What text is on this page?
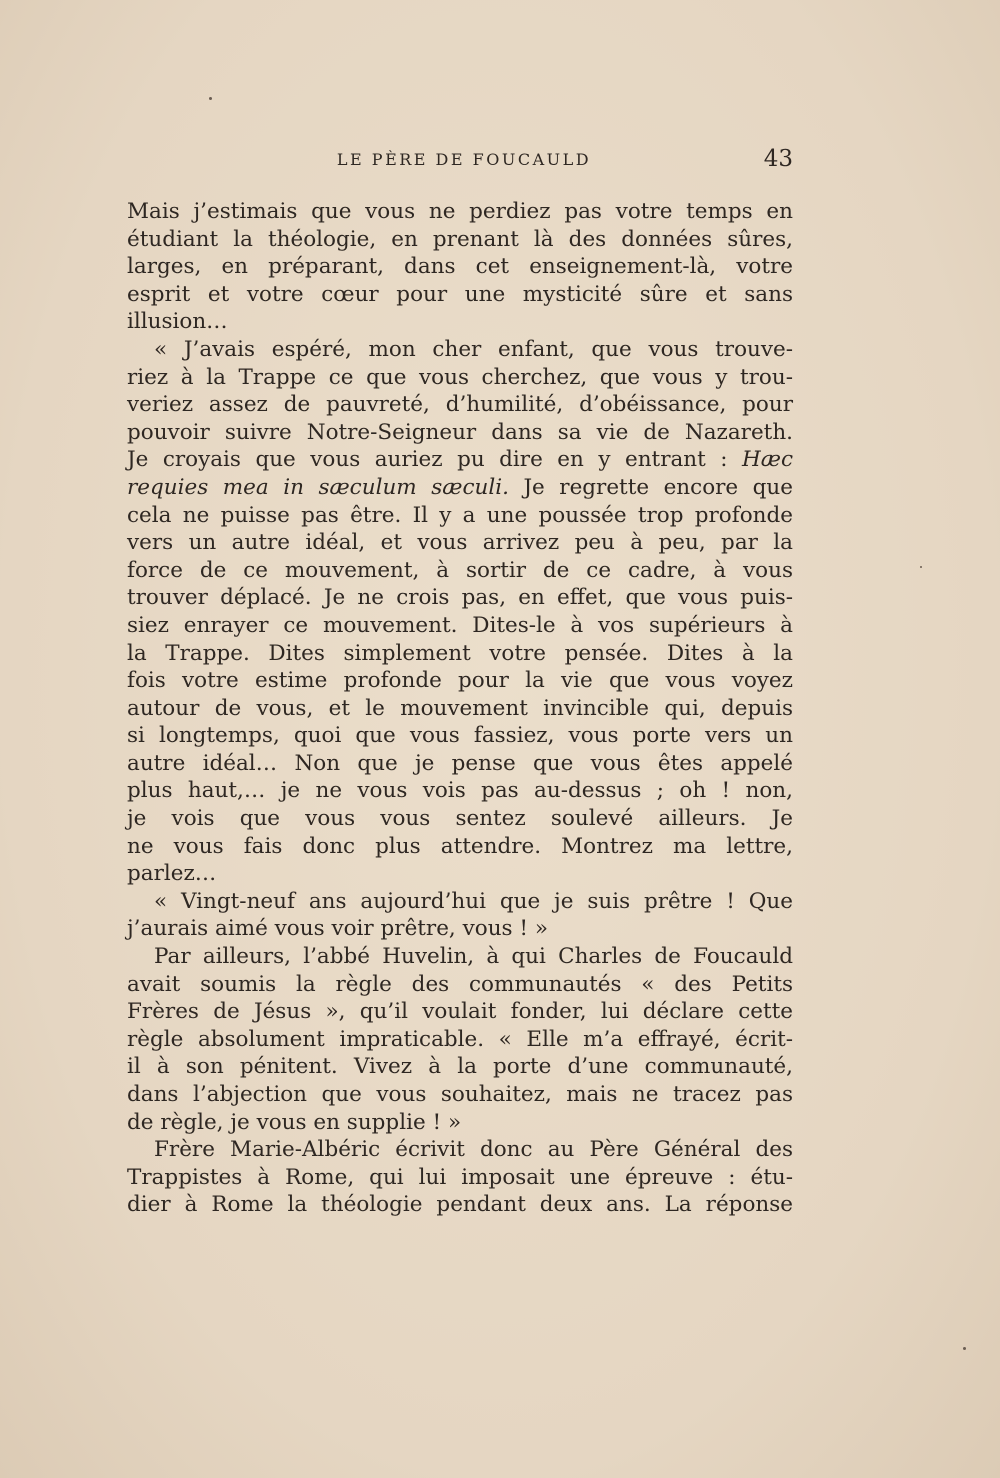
LE PÈRE DE FOUCAULD	43
Mais j’estimais que vous ne perdiez pas votre temps en
étudiant la théologie, en prenant là des données sûres,
larges, en préparant, dans cet enseignement-là, votre
esprit et votre cœur pour une mysticité sûre et sans
illusion…
« J’avais espéré, mon cher enfant, que vous trouve-
riez à la Trappe ce que vous cherchez, que vous y trou-
veriez assez de pauvreté, d’humilité, d’obéissance, pour
pouvoir suivre Notre-Seigneur dans sa vie de Nazareth.
Je croyais que vous auriez pu dire en y entrant : Hæc
requies mea in sæculum sæculi. Je regrette encore que
cela ne puisse pas être. Il y a une poussée trop profonde
vers un autre idéal, et vous arrivez peu à peu, par la
force de ce mouvement, à sortir de ce cadre, à vous
trouver déplacé. Je ne crois pas, en effet, que vous puis-
siez enrayer ce mouvement. Dites-le à vos supérieurs à
la Trappe. Dites simplement votre pensée. Dites à la
fois votre estime profonde pour la vie que vous voyez
autour de vous, et le mouvement invincible qui, depuis
si longtemps, quoi que vous fassiez, vous porte vers un
autre idéal… Non que je pense que vous êtes appelé
plus haut,… je ne vous vois pas au-dessus ; oh ! non,
je vois que vous vous sentez soulevé ailleurs. Je
ne vous fais donc plus attendre. Montrez ma lettre,
parlez…
« Vingt-neuf ans aujourd’hui que je suis prêtre ! Que
j’aurais aimé vous voir prêtre, vous ! »
Par ailleurs, l’abbé Huvelin, à qui Charles de Foucauld
avait soumis la règle des communautés « des Petits
Frères de Jésus », qu’il voulait fonder, lui déclare cette
règle absolument impraticable. « Elle m’a effrayé, écrit-
il à son pénitent. Vivez à la porte d’une communauté,
dans l’abjection que vous souhaitez, mais ne tracez pas
de règle, je vous en supplie ! »
Frère Marie-Albéric écrivit donc au Père Général des
Trappistes à Rome, qui lui imposait une épreuve : étu-
dier à Rome la théologie pendant deux ans. La réponse
